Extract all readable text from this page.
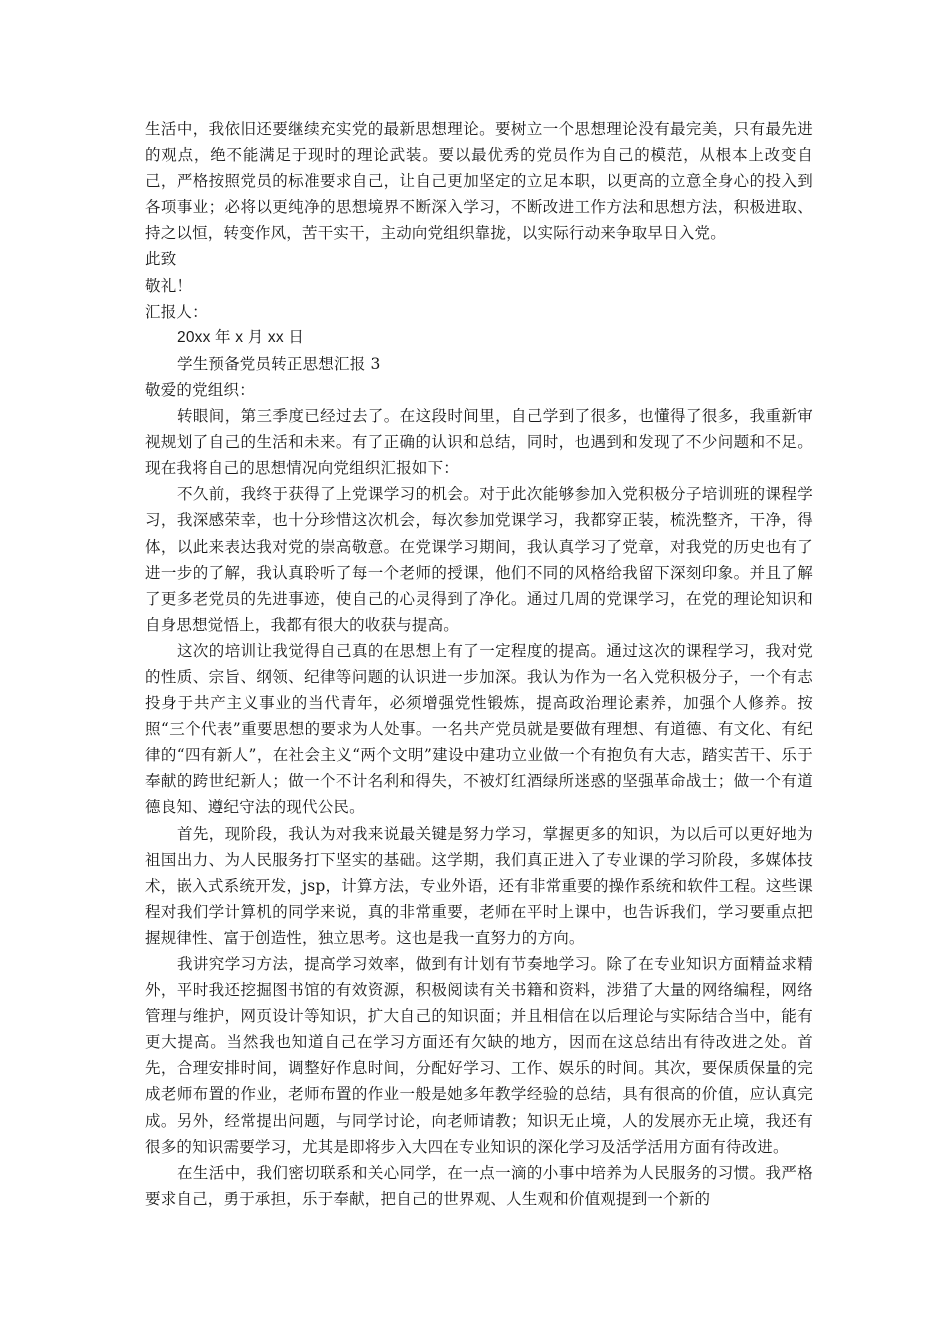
生活中，我依旧还要继续充实党的最新思想理论。要树立一个思想理论没有最完美，只有最先进的观点，绝不能满足于现时的理论武装。要以最优秀的党员作为自己的模范，从根本上改变自己，严格按照党员的标准要求自己，让自己更加坚定的立足本职，以更高的立意全身心的投入到各项事业；必将以更纯净的思想境界不断深入学习，不断改进工作方法和思想方法，积极进取、持之以恒，转变作风，苦干实干，主动向党组织靠拢，以实际行动来争取早日入党。

此致

敬礼！

汇报人：

20xx 年 x 月 xx 日

学生预备党员转正思想汇报 3

敬爱的党组织：

转眼间，第三季度已经过去了。在这段时间里，自己学到了很多，也懂得了很多，我重新审视规划了自己的生活和未来。有了正确的认识和总结，同时，也遇到和发现了不少问题和不足。现在我将自己的思想情况向党组织汇报如下：

不久前，我终于获得了上党课学习的机会。对于此次能够参加入党积极分子培训班的课程学习，我深感荣幸，也十分珍惜这次机会，每次参加党课学习，我都穿正装，梳洗整齐，干净，得体，以此来表达我对党的崇高敬意。在党课学习期间，我认真学习了党章，对我党的历史也有了进一步的了解，我认真聆听了每一个老师的授课，他们不同的风格给我留下深刻印象。并且了解了更多老党员的先进事迹，使自己的心灵得到了净化。通过几周的党课学习，在党的理论知识和自身思想觉悟上，我都有很大的收获与提高。

这次的培训让我觉得自己真的在思想上有了一定程度的提高。通过这次的课程学习，我对党的性质、宗旨、纲领、纪律等问题的认识进一步加深。我认为作为一名入党积极分子，一个有志投身于共产主义事业的当代青年，必须增强党性锻炼，提高政治理论素养，加强个人修养。按照“三个代表”重要思想的要求为人处事。一名共产党员就是要做有理想、有道德、有文化、有纪律的“四有新人”，在社会主义“两个文明”建设中建功立业做一个有抱负有大志，踏实苦干、乐于奉献的跨世纪新人；做一个不计名利和得失，不被灯红酒绿所迷惑的坚强革命战士；做一个有道德良知、遵纪守法的现代公民。

首先，现阶段，我认为对我来说最关键是努力学习，掌握更多的知识，为以后可以更好地为祖国出力、为人民服务打下坚实的基础。这学期，我们真正进入了专业课的学习阶段，多媒体技术，嵌入式系统开发，jsp，计算方法，专业外语，还有非常重要的操作系统和软件工程。这些课程对我们学计算机的同学来说，真的非常重要，老师在平时上课中，也告诉我们，学习要重点把握规律性、富于创造性，独立思考。这也是我一直努力的方向。

我讲究学习方法，提高学习效率，做到有计划有节奏地学习。除了在专业知识方面精益求精外，平时我还挖掘图书馆的有效资源，积极阅读有关书籍和资料，涉猎了大量的网络编程，网络管理与维护，网页设计等知识，扩大自己的知识面；并且相信在以后理论与实际结合当中，能有更大提高。当然我也知道自己在学习方面还有欠缺的地方，因而在这总结出有待改进之处。首先，合理安排时间，调整好作息时间，分配好学习、工作、娱乐的时间。其次，要保质保量的完成老师布置的作业，老师布置的作业一般是她多年教学经验的总结，具有很高的价值，应认真完成。另外，经常提出问题，与同学讨论，向老师请教；知识无止境，人的发展亦无止境，我还有很多的知识需要学习，尤其是即将步入大四在专业知识的深化学习及活学活用方面有待改进。

在生活中，我们密切联系和关心同学，在一点一滴的小事中培养为人民服务的习惯。我严格要求自己，勇于承担，乐于奉献，把自己的世界观、人生观和价值观提到一个新的
